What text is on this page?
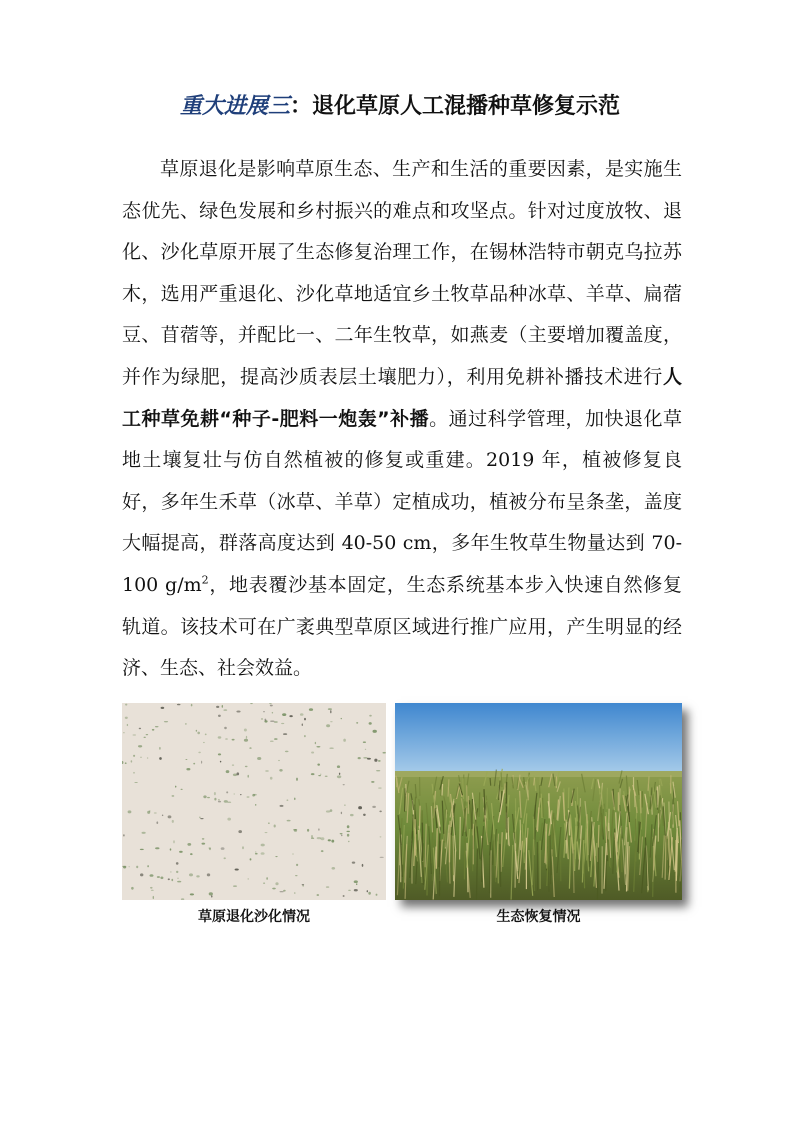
重大进展三：退化草原人工混播种草修复示范

草原退化是影响草原生态、生产和生活的重要因素，是实施生态优先、绿色发展和乡村振兴的难点和攻坚点。针对过度放牧、退化、沙化草原开展了生态修复治理工作，在锡林浩特市朝克乌拉苏木，选用严重退化、沙化草地适宜乡土牧草品种冰草、羊草、扁蓿豆、苜蓿等，并配比一、二年生牧草，如燕麦（主要增加覆盖度，并作为绿肥，提高沙质表层土壤肥力），利用免耕补播技术进行人工种草免耕“种子-肥料一炮轰”补播。通过科学管理，加快退化草地土壤复壮与仿自然植被的修复或重建。2019 年，植被修复良好，多年生禾草（冰草、羊草）定植成功，植被分布呈条垄，盖度大幅提高，群落高度达到 40-50 cm，多年生牧草生物量达到 70-100 $g/m^2$，地表覆沙基本固定，生态系统基本步入快速自然修复轨道。该技术可在广袤典型草原区域进行推广应用，产生明显的经济、生态、社会效益。

草原退化沙化情况	生态恢复情况
